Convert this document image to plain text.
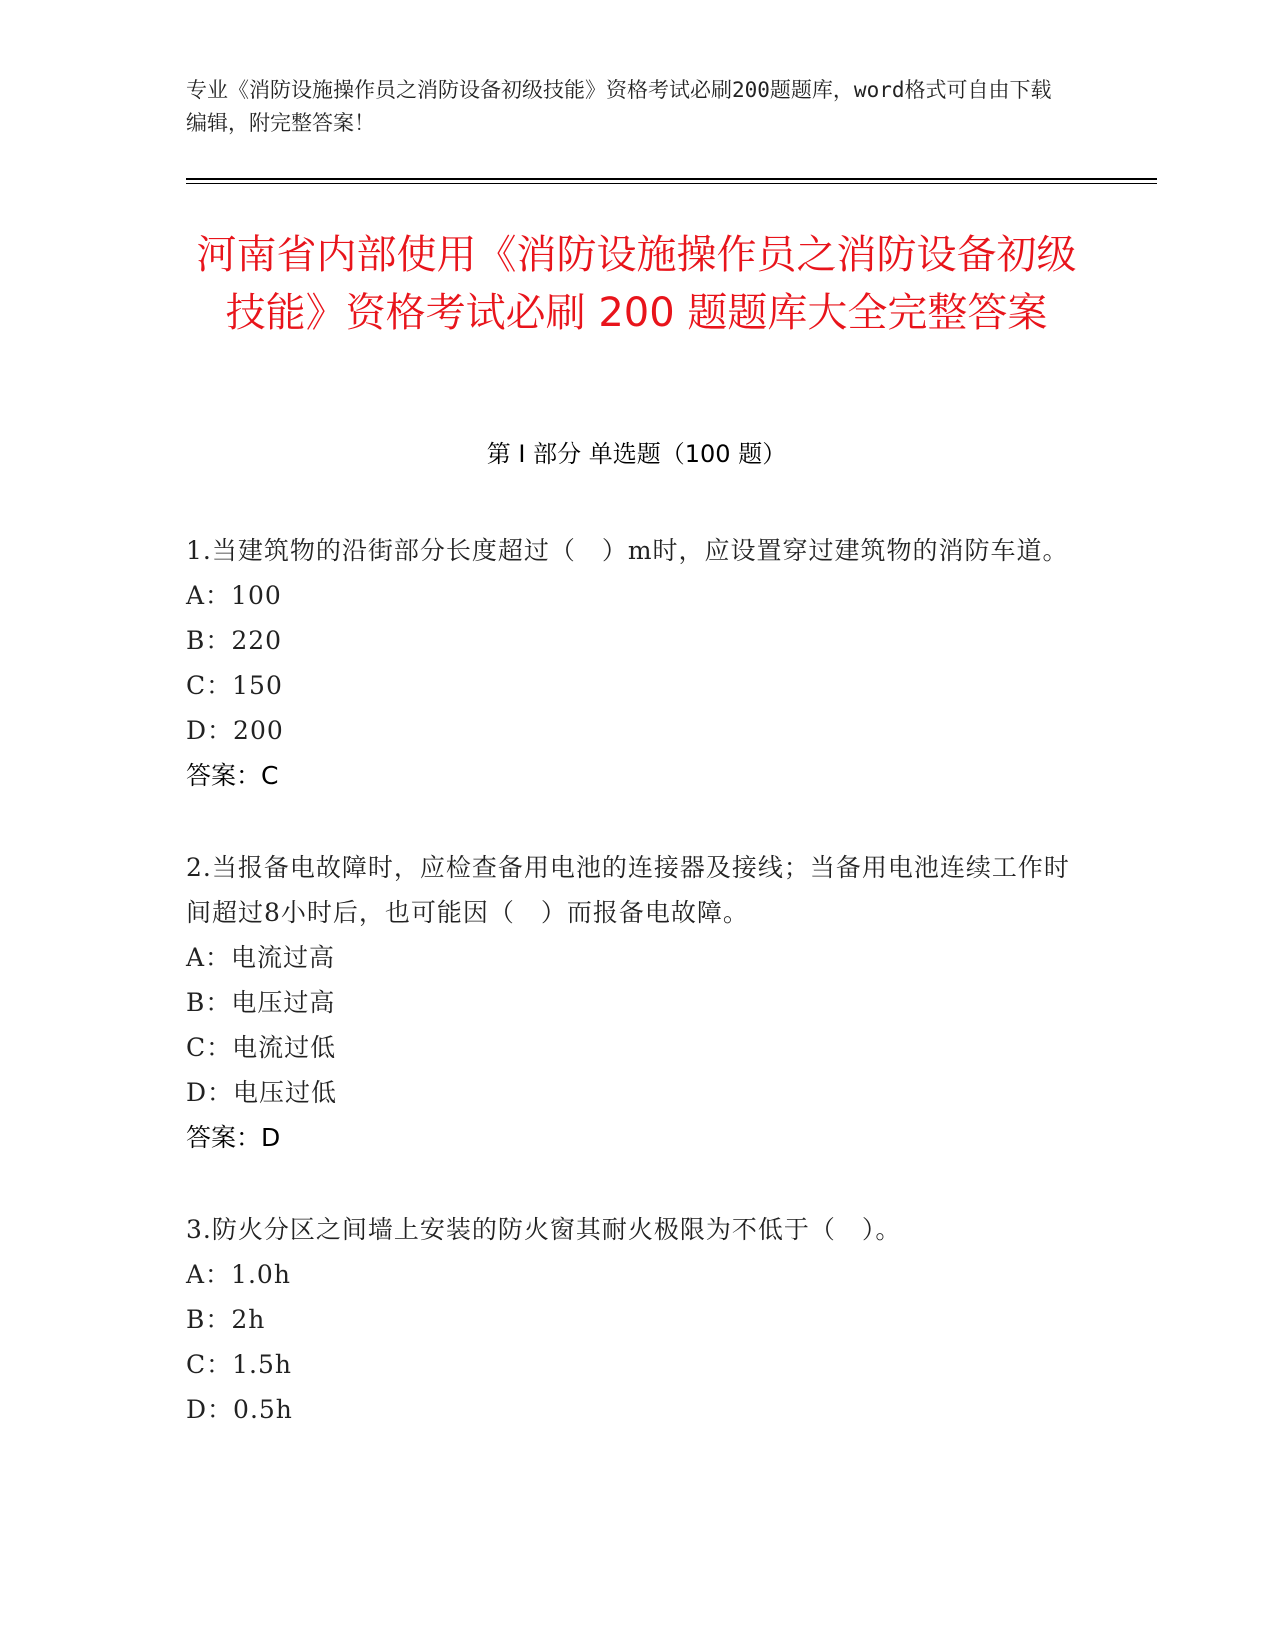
专业《消防设施操作员之消防设备初级技能》资格考试必刷200题题库，word格式可自由下载编辑，附完整答案！
河南省内部使用《消防设施操作员之消防设备初级技能》资格考试必刷 200 题题库大全完整答案
第 I 部分 单选题（100 题）
1.当建筑物的沿街部分长度超过（　）m时，应设置穿过建筑物的消防车道。
A：100
B：220
C：150
D：200
答案：C
2.当报备电故障时，应检查备用电池的连接器及接线；当备用电池连续工作时间超过8小时后，也可能因（　）而报备电故障。
A：电流过高
B：电压过高
C：电流过低
D：电压过低
答案：D
3.防火分区之间墙上安装的防火窗其耐火极限为不低于（　）。
A：1.0h
B：2h
C：1.5h
D：0.5h
